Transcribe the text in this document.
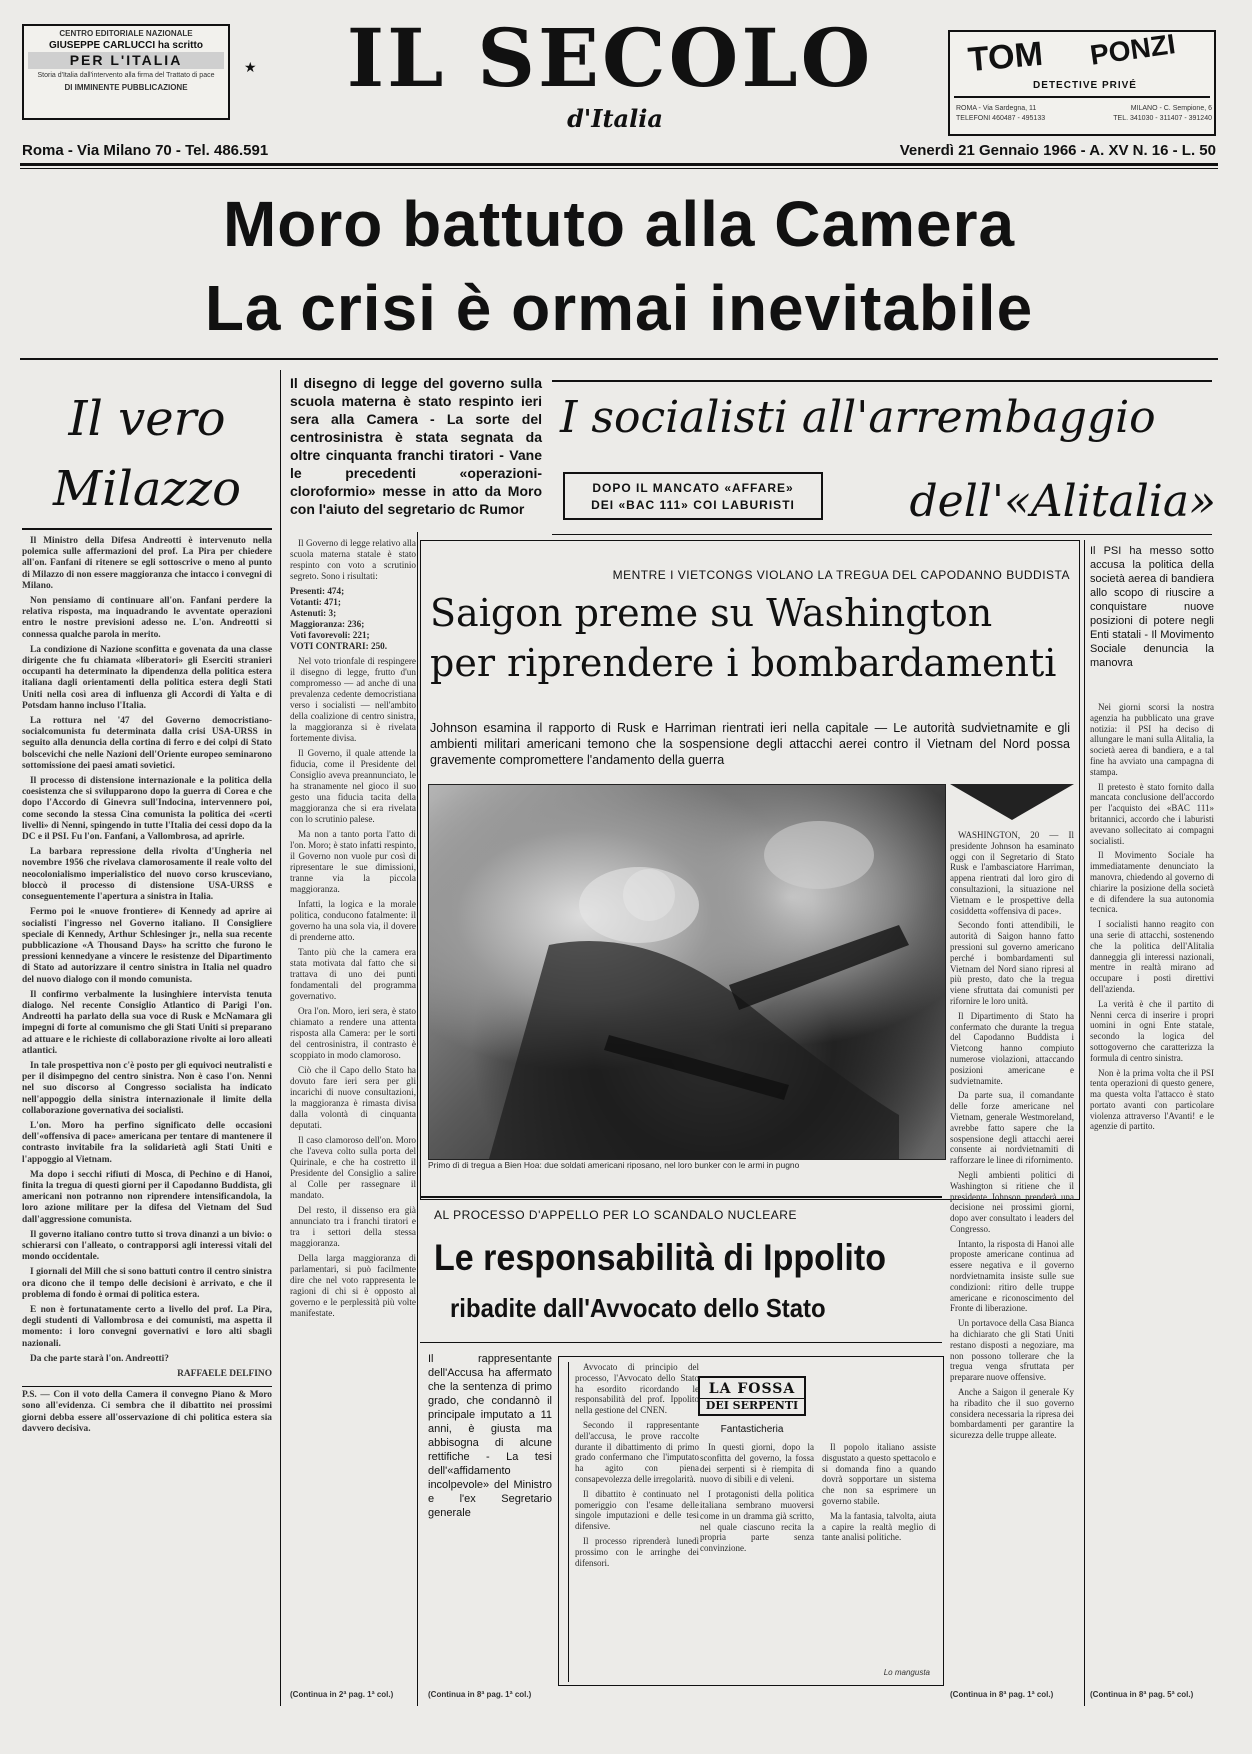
CENTRO EDITORIALE NAZIONALE
GIUSEPPE CARLUCCI ha scritto
PER L'ITALIA
Storia d'Italia dall'intervento alla firma del Trattato di pace
DI IMMINENTE PUBBLICAZIONE
★	IL SECOLO
d'Italia
TOM PONZI
DETECTIVE PRIVÉ
ROMA - Via Sardegna, 11
TELEFONI 460487 - 495133
MILANO - C. Sempione, 6
TEL. 341030 - 311407 - 391240
Roma - Via Milano 70 - Tel. 486.591	Venerdì 21 Gennaio 1966 - A. XV N. 16 - L. 50
Moro battuto alla Camera
La crisi è ormai inevitabile
Il vero
Milazzo

Il Ministro della Difesa Andreotti è intervenuto nella polemica sulle affermazioni del prof. La Pira per chiedere all'on. Fanfani di ritenere se egli sottoscrive o meno al punto di Milazzo di non essere maggioranza che intacco i convegni di Milano.

Non pensiamo di continuare all'on. Fanfani perdere la relativa risposta, ma inquadrando le avventate operazioni entro le nostre previsioni adesso ne. L'on. Andreotti si connessa qualche parola in merito.

La condizione di Nazione sconfitta e govenata da una classe dirigente che fu chiamata «liberatori» gli Eserciti stranieri occupanti ha determinato la dipendenza della politica estera italiana dagli orientamenti della politica estera degli Stati Uniti nella così area di influenza gli Accordi di Yalta e di Potsdam hanno incluso l'Italia.

La rottura nel '47 del Governo democristiano-socialcomunista fu determinata dalla crisi USA-URSS in seguito alla denuncia della cortina di ferro e dei colpi di Stato bolscevichi che nelle Nazioni dell'Oriente europeo seminarono sottomissione dei paesi amati sovietici.

Il processo di distensione internazionale e la politica della coesistenza che si svilupparono dopo la guerra di Corea e che dopo l'Accordo di Ginevra sull'Indocina, intervennero poi, come secondo la stessa Cina comunista la politica dei «certi livelli» di Nenni, spingendo in tutte l'Italia dei cessi dopo da la DC e il PSI. Fu l'on. Fanfani, a Vallombrosa, ad aprirle.

La barbara repressione della rivolta d'Ungheria nel novembre 1956 che rivelava clamorosamente il reale volto del neocolonialismo imperialistico del nuovo corso krusceviano, bloccò il processo di distensione USA-URSS e conseguentemente l'apertura a sinistra in Italia.

Fermo poi le «nuove frontiere» di Kennedy ad aprire ai socialisti l'ingresso nel Governo italiano. Il Consigliere speciale di Kennedy, Arthur Schlesinger jr., nella sua recente pubblicazione «A Thousand Days» ha scritto che furono le pressioni kennedyane a vincere le resistenze del Dipartimento di Stato ad autorizzare il centro sinistra in Italia nel quadro del nuovo dialogo con il mondo comunista.

Il confirmo verbalmente la lusinghiere intervista tenuta dialogo. Nel recente Consiglio Atlantico di Parigi l'on. Andreotti ha parlato della sua voce di Rusk e McNamara gli impegni di forte al comunismo che gli Stati Uniti si preparano ad attuare e le richieste di collaborazione rivolte ai loro alleati atlantici.

In tale prospettiva non c'è posto per gli equivoci neutralisti e per il disimpegno del centro sinistra. Non è caso l'on. Nenni nel suo discorso al Congresso socialista ha indicato nell'appoggio della sinistra internazionale il limite della collaborazione governativa dei socialisti.

L'on. Moro ha perfino significato delle occasioni dell'«offensiva di pace» americana per tentare di mantenere il contrasto invitabile fra la solidarietà agli Stati Uniti e l'appoggio al Vietnam.

Ma dopo i secchi rifiuti di Mosca, di Pechino e di Hanoi, finita la tregua di questi giorni per il Capodanno Buddista, gli americani non potranno non riprendere intensificandola, la loro azione militare per la difesa del Vietnam del Sud dall'aggressione comunista.

Il governo italiano contro tutto si trova dinanzi a un bivio: o schierarsi con l'alleato, o contrapporsi agli interessi vitali del mondo occidentale.

I giornali del Mill che si sono battuti contro il centro sinistra ora dicono che il tempo delle decisioni è arrivato, e che il problema di fondo è ormai di politica estera.

E non è fortunatamente certo a livello del prof. La Pira, degli studenti di Vallombrosa e dei comunisti, ma aspetta il momento: i loro convegni governativi e loro alti sbagli nazionali.

Da che parte starà l'on. Andreotti?

RAFFAELE DELFINO
P.S. — Con il voto della Camera il convegno Piano & Moro sono all'evidenza. Ci sembra che il dibattito nei prossimi giorni debba essere all'osservazione di chi politica estera sia davvero decisiva.
Il disegno di legge del governo sulla scuola materna è stato respinto ieri sera alla Camera - La sorte del centrosinistra è stata segnata da oltre cinquanta franchi tiratori - Vane le precedenti «operazioni-cloroformio» messe in atto da Moro con l'aiuto del segretario dc Rumor

Il Governo di legge relativo alla scuola materna statale è stato respinto con voto a scrutinio segreto. Sono i risultati:

Presenti: 474;
Votanti: 471;
Astenuti: 3;
Maggioranza: 236;
Voti favorevoli: 221;
VOTI CONTRARI: 250.

Nel voto trionfale di respingere il disegno di legge, frutto d'un compromesso — ad anche di una prevalenza cedente democristiana verso i socialisti — nell'ambito della coalizione di centro sinistra, la maggioranza si è rivelata fortemente divisa.

Il Governo, il quale attende la fiducia, come il Presidente del Consiglio aveva preannunciato, le ha stranamente nel gioco il suo gesto una fiducia tacita della maggioranza che si era rivelata con lo scrutinio palese.

Ma non a tanto porta l'atto di l'on. Moro; è stato infatti respinto, il Governo non vuole pur così di ripresentare le sue dimissioni, tranne via la piccola maggioranza.

Infatti, la logica e la morale politica, conducono fatalmente: il governo ha una sola via, il dovere di prenderne atto.

Tanto più che la camera era stata motivata dal fatto che si trattava di uno dei punti fondamentali del programma governativo.

Ora l'on. Moro, ieri sera, è stato chiamato a rendere una attenta risposta alla Camera: per le sorti del centrosinistra, il contrasto è scoppiato in modo clamoroso.

Ciò che il Capo dello Stato ha dovuto fare ieri sera per gli incarichi di nuove consultazioni, la maggioranza è rimasta divisa dalla volontà di cinquanta deputati.

Il caso clamoroso dell'on. Moro che l'aveva colto sulla porta del Quirinale, e che ha costretto il Presidente del Consiglio a salire al Colle per rassegnare il mandato.

Del resto, il dissenso era già annunciato tra i franchi tiratori e tra i settori della stessa maggioranza.

Della larga maggioranza di parlamentari, si può facilmente dire che nel voto rappresenta le ragioni di chi si è opposto al governo e le perplessità più volte manifestate.

(Continua in 2ª pag. 1ª col.)
I socialisti all'arrembaggio
DOPO IL MANCATO «AFFARE»
DEI «BAC 111» COI LABURISTI	dell'«Alitalia»
Il PSI ha messo sotto accusa la politica della società aerea di bandiera allo scopo di riuscire a conquistare nuove posizioni di potere negli Enti statali - Il Movimento Sociale denuncia la manovra

Nei giorni scorsi la nostra agenzia ha pubblicato una grave notizia: il PSI ha deciso di allungare le mani sulla Alitalia, la società aerea di bandiera, e a tal fine ha avviato una campagna di stampa.

Il pretesto è stato fornito dalla mancata conclusione dell'accordo per l'acquisto dei «BAC 111» britannici, accordo che i laburisti avevano sollecitato ai compagni socialisti.

Il Movimento Sociale ha immediatamente denunciato la manovra, chiedendo al governo di chiarire la posizione della società e di difendere la sua autonomia tecnica.

I socialisti hanno reagito con una serie di attacchi, sostenendo che la politica dell'Alitalia danneggia gli interessi nazionali, mentre in realtà mirano ad occupare i posti direttivi dell'azienda.

La verità è che il partito di Nenni cerca di inserire i propri uomini in ogni Ente statale, secondo la logica del sottogoverno che caratterizza la formula di centro sinistra.

Non è la prima volta che il PSI tenta operazioni di questo genere, ma questa volta l'attacco è stato portato avanti con particolare violenza attraverso l'Avanti! e le agenzie di partito.

(Continua in 8ª pag. 5ª col.)
MENTRE I VIETCONGS VIOLANO LA TREGUA DEL CAPODANNO BUDDISTA
Saigon preme su Washington
per riprendere i bombardamenti
Johnson esamina il rapporto di Rusk e Harriman rientrati ieri nella capitale — Le autorità sudvietnamite e gli ambienti militari americani temono che la sospensione degli attacchi aerei contro il Vietnam del Nord possa gravemente compromettere l'andamento della guerra
Primo dì di tregua a Bien Hoa: due soldati americani riposano, nel loro bunker con le armi in pugno

WASHINGTON, 20 — Il presidente Johnson ha esaminato oggi con il Segretario di Stato Rusk e l'ambasciatore Harriman, appena rientrati dal loro giro di consultazioni, la situazione nel Vietnam e le prospettive della cosiddetta «offensiva di pace».

Secondo fonti attendibili, le autorità di Saigon hanno fatto pressioni sul governo americano perché i bombardamenti sul Vietnam del Nord siano ripresi al più presto, dato che la tregua viene sfruttata dai comunisti per rifornire le loro unità.

Il Dipartimento di Stato ha confermato che durante la tregua del Capodanno Buddista i Vietcong hanno compiuto numerose violazioni, attaccando posizioni americane e sudvietnamite.

Da parte sua, il comandante delle forze americane nel Vietnam, generale Westmoreland, avrebbe fatto sapere che la sospensione degli attacchi aerei consente ai nordvietnamiti di rafforzare le linee di rifornimento.

Negli ambienti politici di Washington si ritiene che il presidente Johnson prenderà una decisione nei prossimi giorni, dopo aver consultato i leaders del Congresso.

Intanto, la risposta di Hanoi alle proposte americane continua ad essere negativa e il governo nordvietnamita insiste sulle sue condizioni: ritiro delle truppe americane e riconoscimento del Fronte di liberazione.

Un portavoce della Casa Bianca ha dichiarato che gli Stati Uniti restano disposti a negoziare, ma non possono tollerare che la tregua venga sfruttata per preparare nuove offensive.

Anche a Saigon il generale Ky ha ribadito che il suo governo considera necessaria la ripresa dei bombardamenti per garantire la sicurezza delle truppe alleate.

(Continua in 8ª pag. 1ª col.)
AL PROCESSO D'APPELLO PER LO SCANDALO NUCLEARE
Le responsabilità di Ippolito
ribadite dall'Avvocato dello Stato
Il rappresentante dell'Accusa ha affermato che la sentenza di primo grado, che condannò il principale imputato a 11 anni, è giusta ma abbisogna di alcune rettifiche - La tesi dell'«affidamento incolpevole» del Ministro e l'ex Segretario generale

Avvocato di principio del processo, l'Avvocato dello Stato ha esordito ricordando le responsabilità del prof. Ippolito nella gestione del CNEN.

Secondo il rappresentante dell'accusa, le prove raccolte durante il dibattimento di primo grado confermano che l'imputato ha agito con piena consapevolezza delle irregolarità.

Il dibattito è continuato nel pomeriggio con l'esame delle singole imputazioni e delle tesi difensive.

Il processo riprenderà lunedì prossimo con le arringhe dei difensori.

(Continua in 8ª pag. 1ª col.)
LA FOSSA
DEI SERPENTI
Fantasticheria

In questi giorni, dopo la sconfitta del governo, la fossa dei serpenti si è riempita di nuovo di sibili e di veleni.

I protagonisti della politica italiana sembrano muoversi come in un dramma già scritto, nel quale ciascuno recita la propria parte senza convinzione.

Il popolo italiano assiste disgustato a questo spettacolo e si domanda fino a quando dovrà sopportare un sistema che non sa esprimere un governo stabile.

Ma la fantasia, talvolta, aiuta a capire la realtà meglio di tante analisi politiche.

Lo mangusta
